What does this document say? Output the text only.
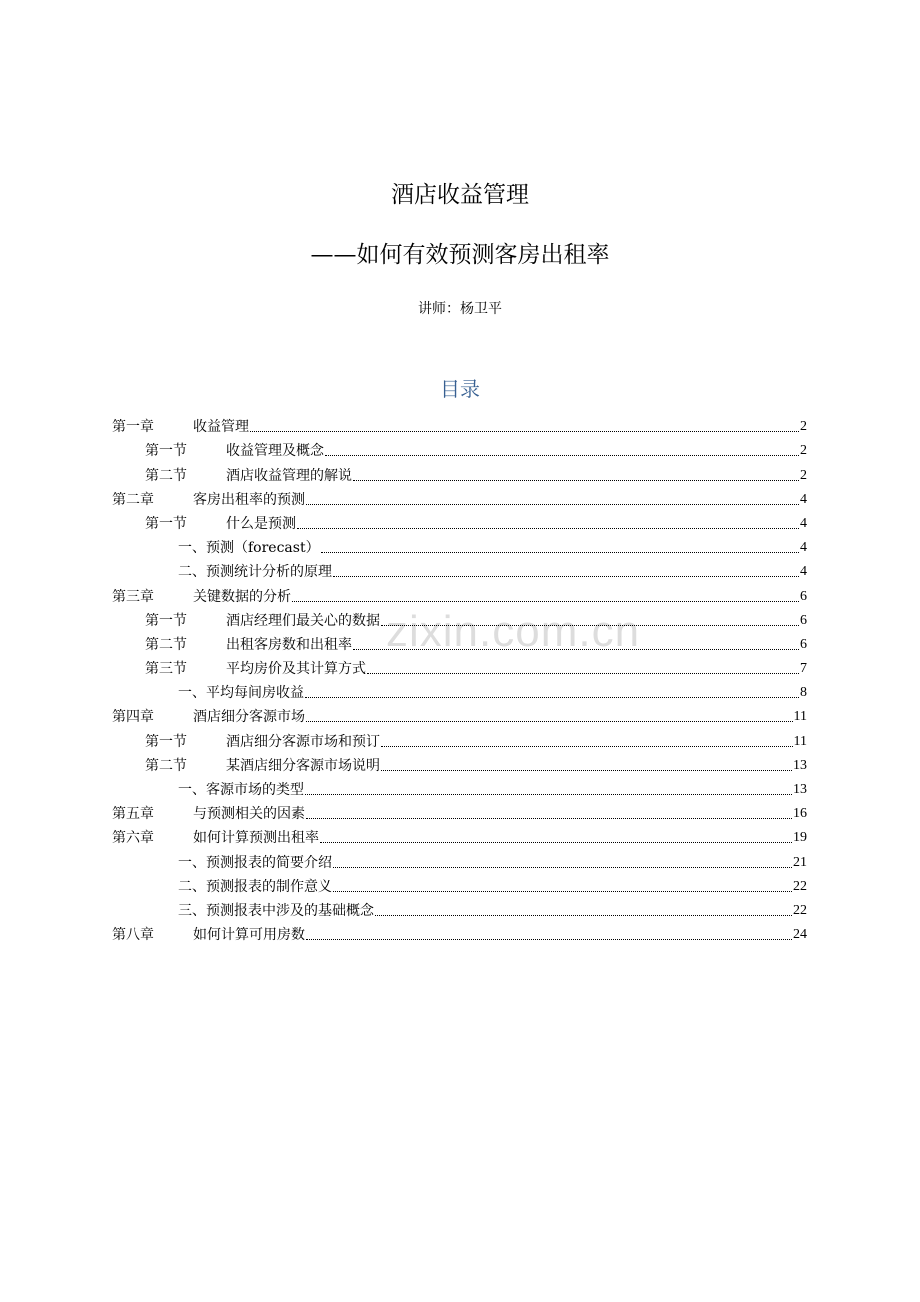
酒店收益管理
——如何有效预测客房出租率
讲师：杨卫平
目录
第一章	收益管理	2
第一节	收益管理及概念	2
第二节	酒店收益管理的解说	2
第二章	客房出租率的预测	4
第一节	什么是预测	4
一、预测（forecast）	4
二、预测统计分析的原理	4
第三章	关键数据的分析	6
第一节	酒店经理们最关心的数据	6
第二节	出租客房数和出租率	6
第三节	平均房价及其计算方式	7
一、平均每间房收益	8
第四章	酒店细分客源市场	11
第一节	酒店细分客源市场和预订	11
第二节	某酒店细分客源市场说明	13
一、客源市场的类型	13
第五章	与预测相关的因素	16
第六章	如何计算预测出租率	19
一、预测报表的简要介绍	21
二、预测报表的制作意义	22
三、预测报表中涉及的基础概念	22
第八章	如何计算可用房数	24
zixin.com.cn
